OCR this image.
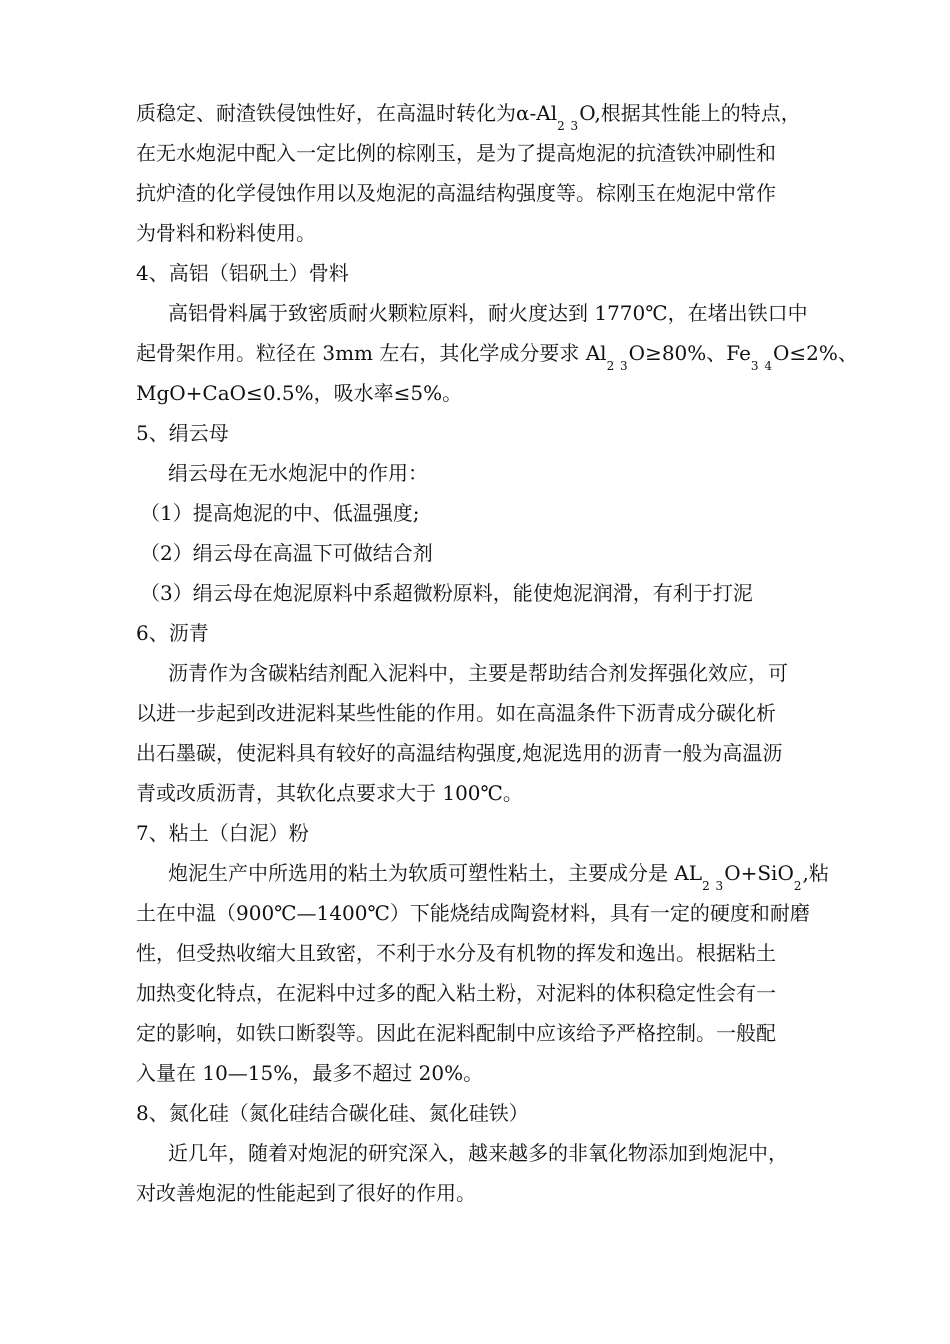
质稳定、耐渣铁侵蚀性好，在高温时转化为$\alpha-Al_{2 3}O$,根据其性能上的特点，
在无水炮泥中配入一定比例的棕刚玉，是为了提高炮泥的抗渣铁冲刷性和
抗炉渣的化学侵蚀作用以及炮泥的高温结构强度等。棕刚玉在炮泥中常作
为骨料和粉料使用。
4、高铝（铝矾土）骨料
高铝骨料属于致密质耐火颗粒原料，耐火度达到 1770℃，在堵出铁口中
起骨架作用。粒径在 3mm 左右，其化学成分要求 $Al_{2 3}O\ge 80\%$、$Fe_{3 4}O\le 2\%$、
MgO+CaO≤0.5%，吸水率≤5%。
5、绢云母
绢云母在无水炮泥中的作用：
（1）提高炮泥的中、低温强度;
（2）绢云母在高温下可做结合剂
（3）绢云母在炮泥原料中系超微粉原料，能使炮泥润滑，有利于打泥
6、沥青
沥青作为含碳粘结剂配入泥料中，主要是帮助结合剂发挥强化效应，可
以进一步起到改进泥料某些性能的作用。如在高温条件下沥青成分碳化析
出石墨碳，使泥料具有较好的高温结构强度,炮泥选用的沥青一般为高温沥
青或改质沥青，其软化点要求大于 100℃。
7、粘土（白泥）粉
炮泥生产中所选用的粘土为软质可塑性粘土，主要成分是 $AL_{2 3}O+SiO_2$,粘
土在中温（900℃—1400℃）下能烧结成陶瓷材料，具有一定的硬度和耐磨
性，但受热收缩大且致密，不利于水分及有机物的挥发和逸出。根据粘土
加热变化特点，在泥料中过多的配入粘土粉，对泥料的体积稳定性会有一
定的影响，如铁口断裂等。因此在泥料配制中应该给予严格控制。一般配
入量在 10—15%，最多不超过 20%。
8、氮化硅（氮化硅结合碳化硅、氮化硅铁）
近几年，随着对炮泥的研究深入，越来越多的非氧化物添加到炮泥中，
对改善炮泥的性能起到了很好的作用。
